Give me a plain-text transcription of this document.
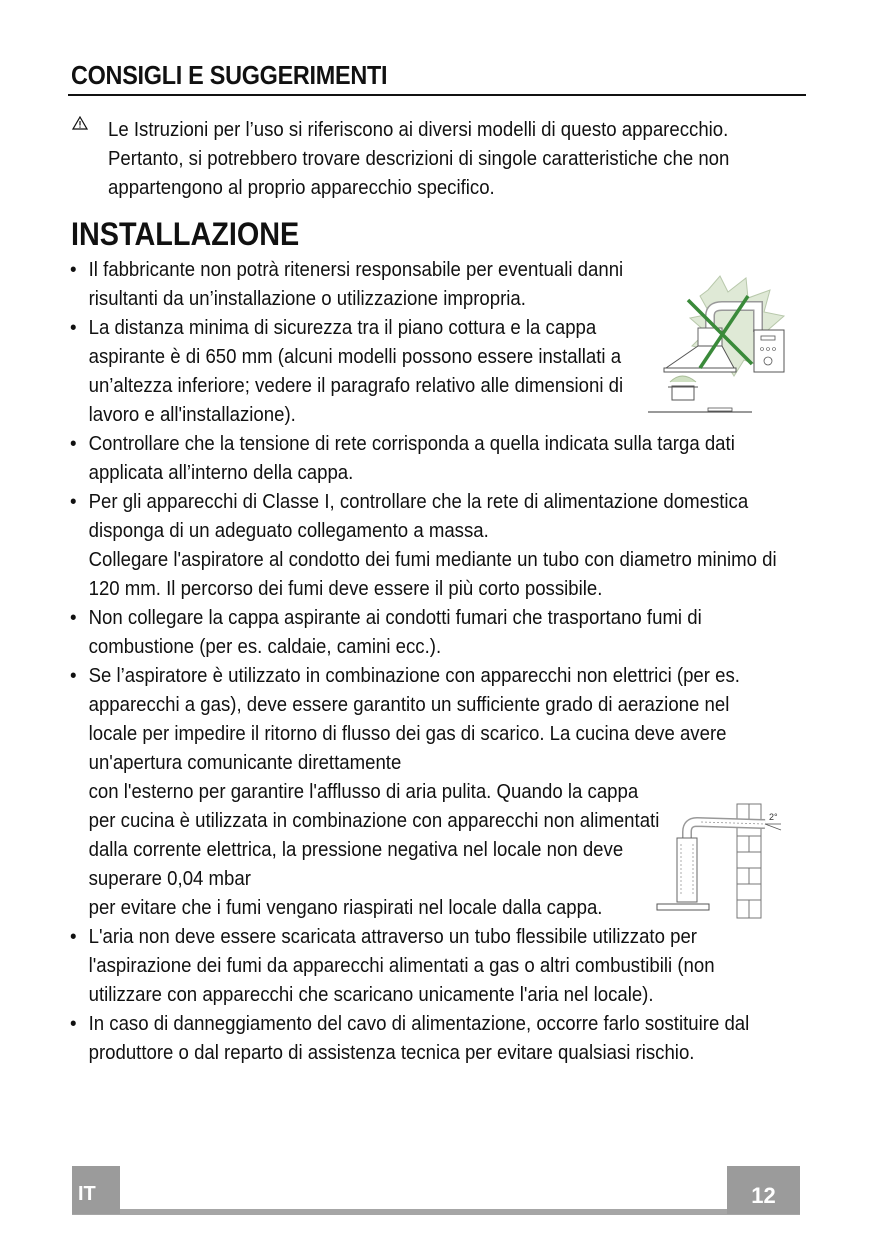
CONSIGLI E SUGGERIMENTI
Le Istruzioni per l’uso si riferiscono ai diversi modelli di questo apparecchio. Pertanto, si potrebbero trovare descrizioni di singole caratteristiche che non appartengono al proprio apparecchio specifico.
INSTALLAZIONE
• Il fabbricante non potrà ritenersi responsabile per eventuali danni risultanti da un’installazione o utilizzazione impropria.
• La distanza minima di sicurezza tra il piano cottura e la cappa aspirante è di 650 mm (alcuni modelli possono essere installati a un’altezza inferiore; vedere il paragrafo relativo alle dimensioni di lavoro e all'installazione).
• Controllare che la tensione di rete corrisponda a quella indicata sulla targa dati applicata all’interno della cappa.
• Per gli apparecchi di Classe I, controllare che la rete di alimentazione domestica disponga di un adeguato collegamento a massa.
Collegare l'aspiratore al condotto dei fumi mediante un tubo con diametro minimo di 120 mm. Il percorso dei fumi deve essere il più corto possibile.
• Non collegare la cappa aspirante ai condotti fumari che trasportano fumi di combustione (per es. caldaie, camini ecc.).
• Se l’aspiratore è utilizzato in combinazione con apparecchi non elettrici (per es. apparecchi a gas), deve essere garantito un sufficiente grado di aerazione nel locale per impedire il ritorno di flusso dei gas di scarico. La cucina deve avere un'apertura comunicante direttamente
con l'esterno per garantire l'afflusso di aria pulita. Quando la cappa per cucina è utilizzata in combinazione con apparecchi non alimentati dalla corrente elettrica, la pressione negativa nel locale non deve superare 0,04 mbar
per evitare che i fumi vengano riaspirati nel locale dalla cappa.
• L'aria non deve essere scaricata attraverso un tubo flessibile utilizzato per l'aspirazione dei fumi da apparecchi alimentati a gas o altri combustibili (non utilizzare con apparecchi che scaricano unicamente l'aria nel locale).
• In caso di danneggiamento del cavo di alimentazione, occorre farlo sostituire dal produttore o dal reparto di assistenza tecnica per evitare qualsiasi rischio.
2°
IT	12
